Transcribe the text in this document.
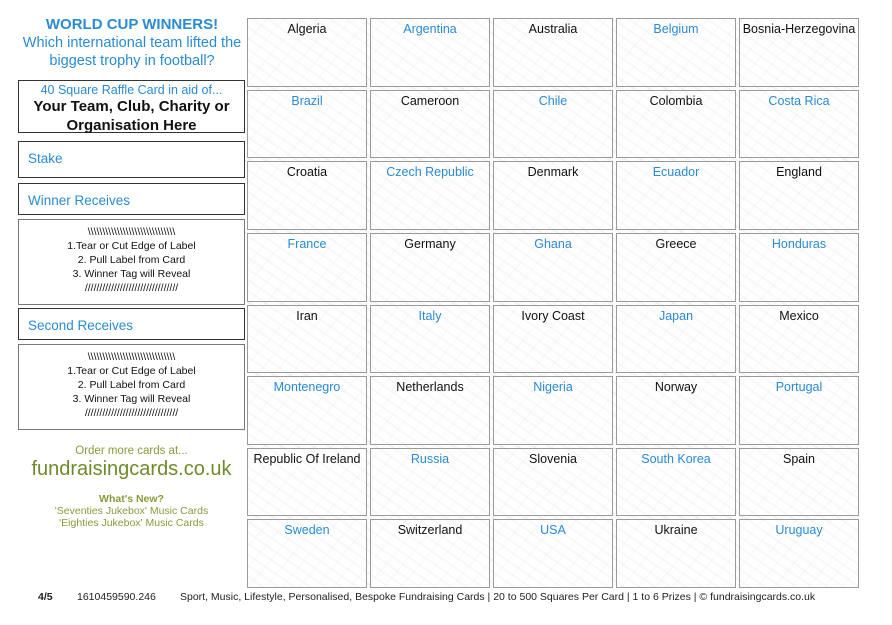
WORLD CUP WINNERS!
Which international team lifted the biggest trophy in football?
40 Square Raffle Card in aid of...
Your Team, Club, Charity or Organisation Here
Stake
Winner Receives
\\\\\\\\\\\\\\\\\\\\\\\\\\\\\\
1.Tear or Cut Edge of Label
2. Pull Label from Card
3. Winner Tag will Reveal
////////////////////////////////
Second Receives
\\\\\\\\\\\\\\\\\\\\\\\\\\\\\\
1.Tear or Cut Edge of Label
2. Pull Label from Card
3. Winner Tag will Reveal
////////////////////////////////
Order more cards at...
fundraisingcards.co.uk
What's New?
'Seventies Jukebox' Music Cards
'Eighties Jukebox' Music Cards
Algeria	Argentina	Australia	Belgium	Bosnia-Herzegovina
Brazil	Cameroon	Chile	Colombia	Costa Rica
Croatia	Czech Republic	Denmark	Ecuador	England
France	Germany	Ghana	Greece	Honduras
Iran	Italy	Ivory Coast	Japan	Mexico
Montenegro	Netherlands	Nigeria	Norway	Portugal
Republic Of Ireland	Russia	Slovenia	South Korea	Spain
Sweden	Switzerland	USA	Ukraine	Uruguay
4/5 1610459590.246 Sport, Music, Lifestyle, Personalised, Bespoke Fundraising Cards | 20 to 500 Squares Per Card | 1 to 6 Prizes | © fundraisingcards.co.uk
